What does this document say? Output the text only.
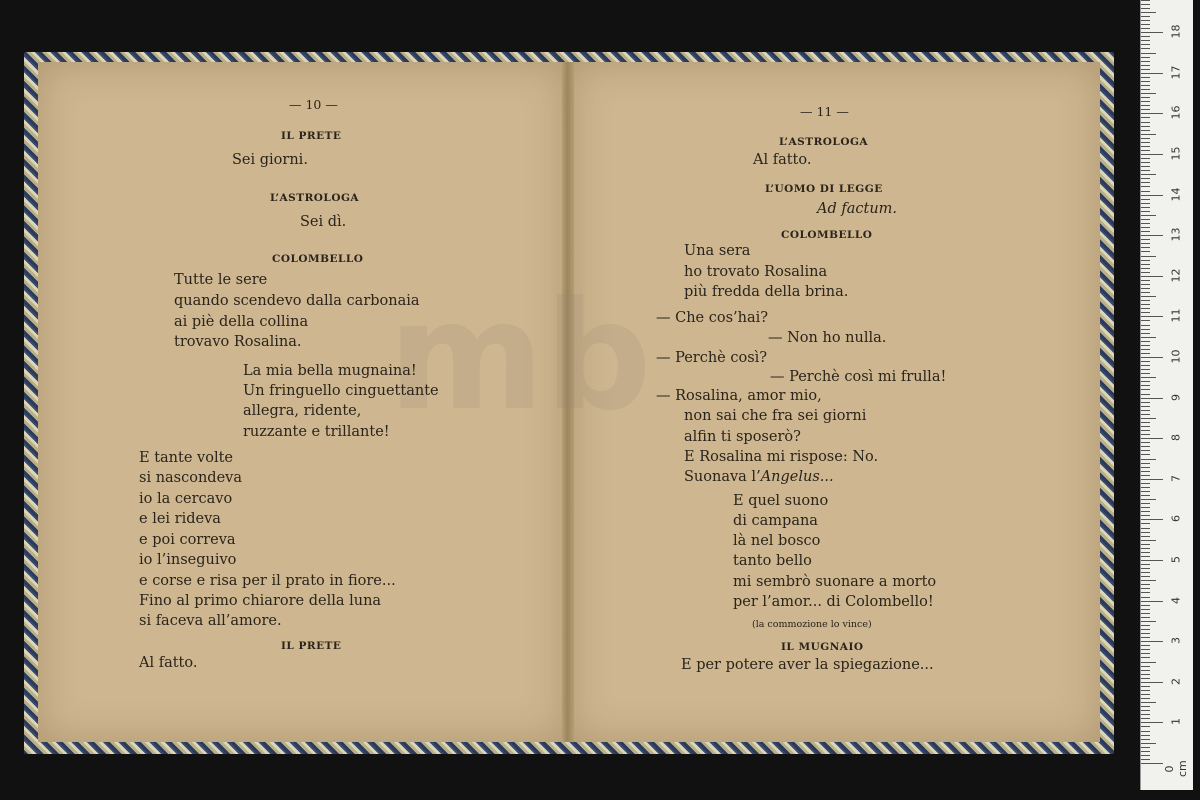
mb
— 10 —
IL PRETE
Sei giorni.
L’ASTROLOGA
Sei dì.
COLOMBELLO
Tutte le sere
quando scendevo dalla carbonaia
ai piè della collina
trovavo Rosalina.
La mia bella mugnaina!
Un fringuello cinguettante
allegra, ridente,
ruzzante e trillante!
E tante volte
si nascondeva
io la cercavo
e lei rideva
e poi correva
io l’inseguivo
e corse e risa per il prato in fiore...
Fino al primo chiarore della luna
si faceva all’amore.
IL PRETE
Al fatto.
— 11 —
L’ASTROLOGA
Al fatto.
L’UOMO DI LEGGE
Ad factum.
COLOMBELLO
Una sera
ho trovato Rosalina
più fredda della brina.
— Che cos’hai?
— Non ho nulla.
— Perchè così?
— Perchè così mi frulla!
— Rosalina, amor mio,
non sai che fra sei giorni
alfin ti sposerò?
E Rosalina mi rispose: No.
Suonava l’Angelus...
E quel suono
di campana
là nel bosco
tanto bello
mi sembrò suonare a morto
per l’amor... di Colombello!
(la commozione lo vince)
IL MUGNAIO
E per potere aver la spiegazione...
1
2
3
4
5
6
7
8
9
10
11
12
13
14
15
16
17
18
0 cm
